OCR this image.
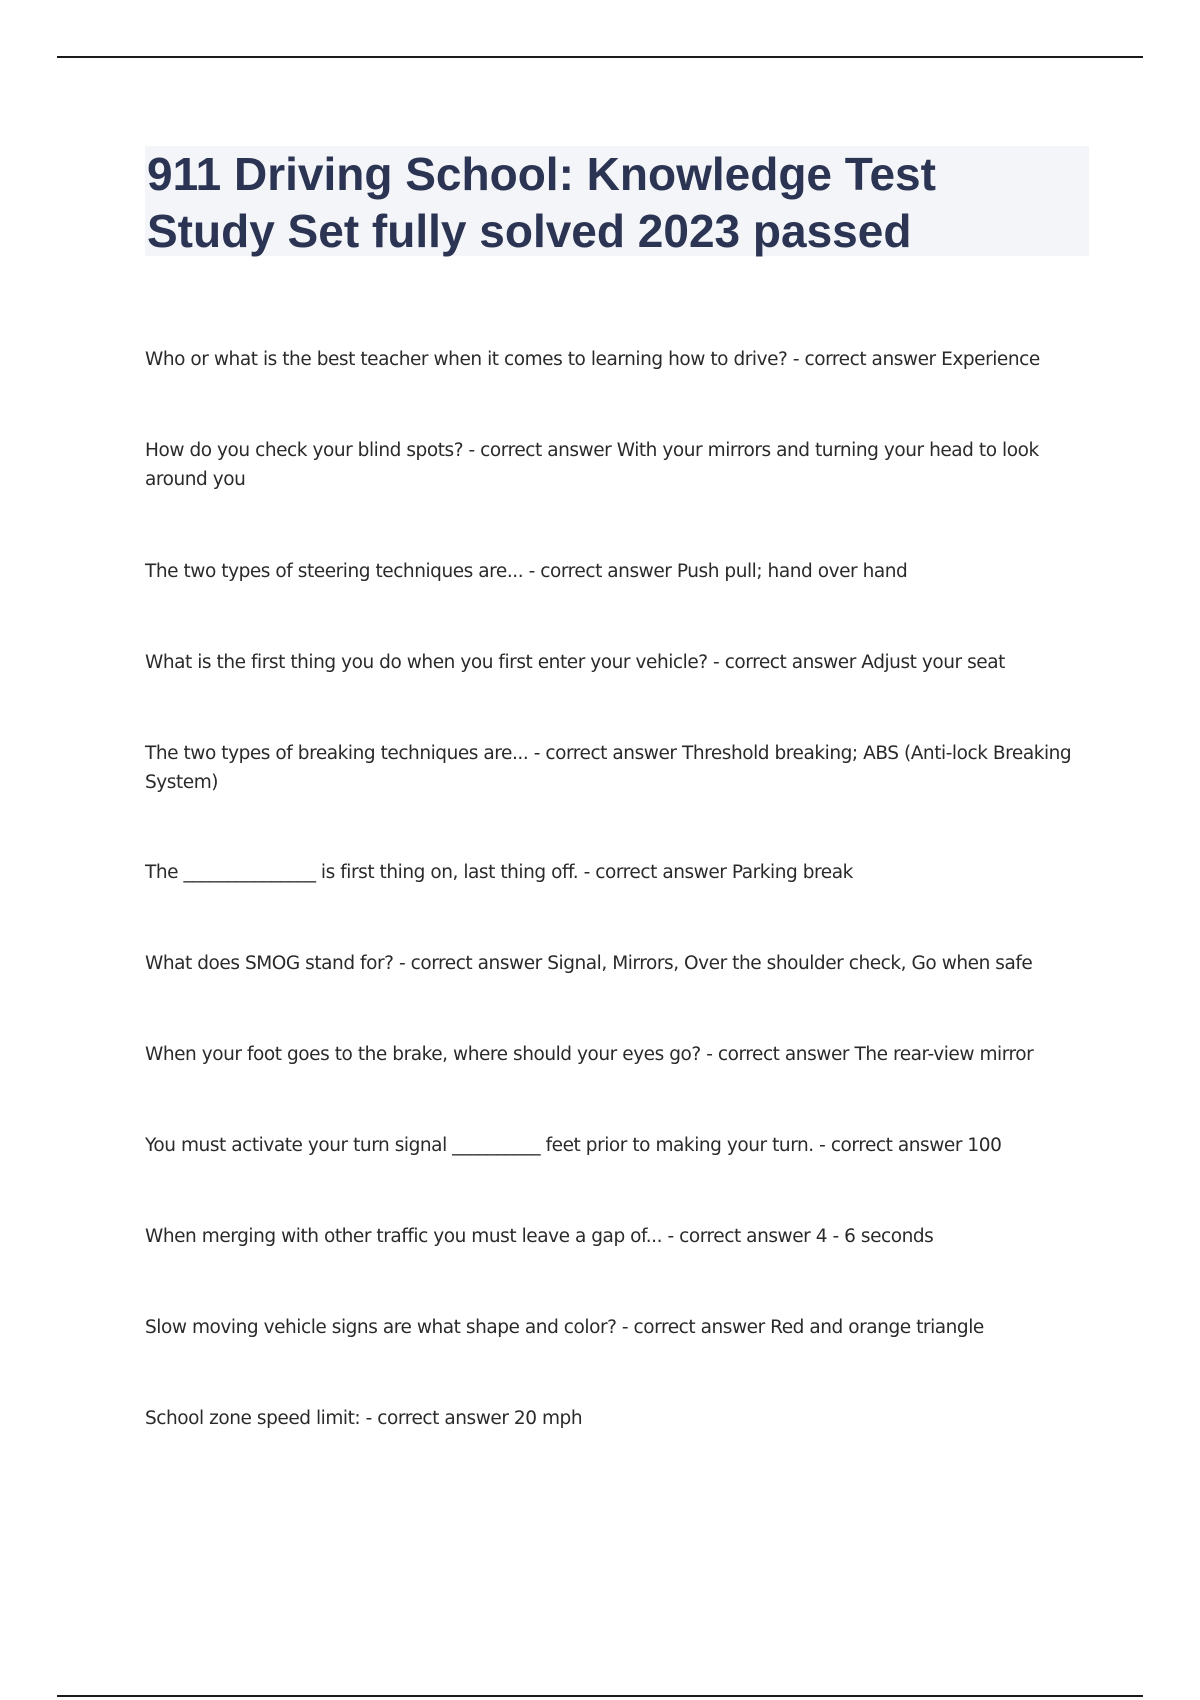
911 Driving School: Knowledge Test

Study Set fully solved 2023 passed

Who or what is the best teacher when it comes to learning how to drive? - correct answer Experience
How do you check your blind spots? - correct answer With your mirrors and turning your head to look around you
The two types of steering techniques are... - correct answer Push pull; hand over hand
What is the first thing you do when you first enter your vehicle? - correct answer Adjust your seat
The two types of breaking techniques are... - correct answer Threshold breaking; ABS (Anti-lock Breaking System)
The _______________ is first thing on, last thing off. - correct answer Parking break
What does SMOG stand for? - correct answer Signal, Mirrors, Over the shoulder check, Go when safe
When your foot goes to the brake, where should your eyes go? - correct answer The rear-view mirror
You must activate your turn signal __________ feet prior to making your turn. - correct answer 100
When merging with other traffic you must leave a gap of... - correct answer 4 - 6 seconds
Slow moving vehicle signs are what shape and color? - correct answer Red and orange triangle
School zone speed limit: - correct answer 20 mph
